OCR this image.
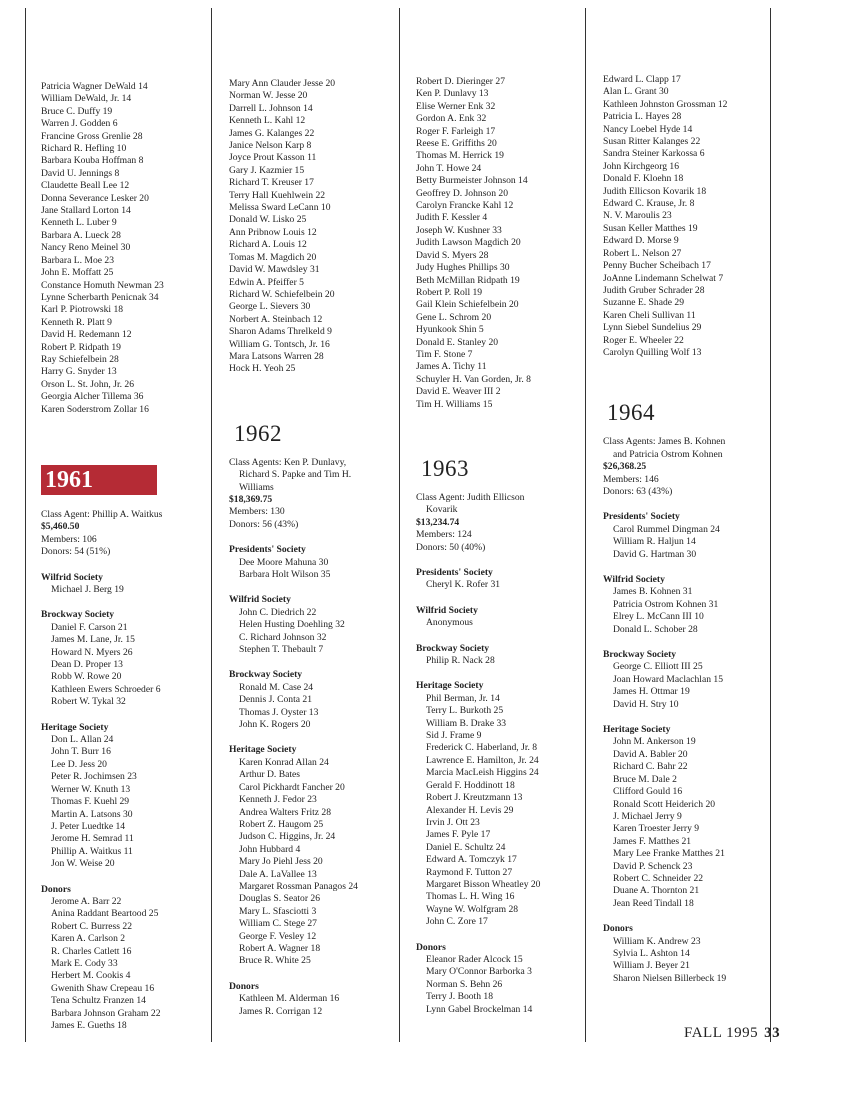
Patricia Wagner DeWald 14
William DeWald, Jr. 14
Bruce C. Duffy 19
Warren J. Godden 6
Francine Gross Grenlie 28
Richard R. Hefling 10
Barbara Kouba Hoffman 8
David U. Jennings 8
Claudette Beall Lee 12
Donna Severance Lesker 20
Jane Stallard Lorton 14
Kenneth L. Luber 9
Barbara A. Lueck 28
Nancy Reno Meinel 30
Barbara L. Moe 23
John E. Moffatt 25
Constance Homuth Newman 23
Lynne Scherbarth Penicnak 34
Karl P. Piotrowski 18
Kenneth R. Platt 9
David H. Redemann 12
Robert P. Ridpath 19
Ray Schiefelbein 28
Harry G. Snyder 13
Orson L. St. John, Jr. 26
Georgia Alcher Tillema 36
Karen Soderstrom Zollar 16
1961
Class Agent: Phillip A. Waitkus
$5,460.50
Members: 106
Donors: 54 (51%)
Wilfrid Society
Michael J. Berg 19
Brockway Society
Daniel F. Carson 21
James M. Lane, Jr. 15
Howard N. Myers 26
Dean D. Proper 13
Robb W. Rowe 20
Kathleen Ewers Schroeder 6
Robert W. Tykal 32
Heritage Society
Don L. Allan 24
John T. Burr 16
Lee D. Jess 20
Peter R. Jochimsen 23
Werner W. Knuth 13
Thomas F. Kuehl 29
Martin A. Latsons 30
J. Peter Luedtke 14
Jerome H. Semrad 11
Phillip A. Waitkus 11
Jon W. Weise 20
Donors
Jerome A. Barr 22
Anina Raddant Beartood 25
Robert C. Burress 22
Karen A. Carlson 2
R. Charles Catlett 16
Mark E. Cody 33
Herbert M. Cookis 4
Gwenith Shaw Crepeau 16
Tena Schultz Franzen 14
Barbara Johnson Graham 22
James E. Gueths 18
Mary Ann Clauder Jesse 20
Norman W. Jesse 20
Darrell L. Johnson 14
Kenneth L. Kahl 12
James G. Kalanges 22
Janice Nelson Karp 8
Joyce Prout Kasson 11
Gary J. Kazmier 15
Richard T. Kreuser 17
Terry Hall Kuehlwein 22
Melissa Sward LeCann 10
Donald W. Lisko 25
Ann Pribnow Louis 12
Richard A. Louis 12
Tomas M. Magdich 20
David W. Mawdsley 31
Edwin A. Pfeiffer 5
Richard W. Schiefelbein 20
George L. Sievers 30
Norbert A. Steinbach 12
Sharon Adams Threlkeld 9
William G. Tontsch, Jr. 16
Mara Latsons Warren 28
Hock H. Yeoh 25
1962
Class Agents: Ken P. Dunlavy,
Richard S. Papke and Tim H.
Williams
$18,369.75
Members: 130
Donors: 56 (43%)
Presidents' Society
Dee Moore Mahuna 30
Barbara Holt Wilson 35
Wilfrid Society
John C. Diedrich 22
Helen Husting Doehling 32
C. Richard Johnson 32
Stephen T. Thebault 7
Brockway Society
Ronald M. Case 24
Dennis J. Conta 21
Thomas J. Oyster 13
John K. Rogers 20
Heritage Society
Karen Konrad Allan 24
Arthur D. Bates
Carol Pickhardt Fancher 20
Kenneth J. Fedor 23
Andrea Walters Fritz 28
Robert Z. Haugom 25
Judson C. Higgins, Jr. 24
John Hubbard 4
Mary Jo Piehl Jess 20
Dale A. LaVallee 13
Margaret Rossman Panagos 24
Douglas S. Seator 26
Mary L. Sfasciotti 3
William C. Stege 27
George F. Vesley 12
Robert A. Wagner 18
Bruce R. White 25
Donors
Kathleen M. Alderman 16
James R. Corrigan 12
Robert D. Dieringer 27
Ken P. Dunlavy 13
Elise Werner Enk 32
Gordon A. Enk 32
Roger F. Farleigh 17
Reese E. Griffiths 20
Thomas M. Herrick 19
John T. Howe 24
Betty Burmeister Johnson 14
Geoffrey D. Johnson 20
Carolyn Francke Kahl 12
Judith F. Kessler 4
Joseph W. Kushner 33
Judith Lawson Magdich 20
David S. Myers 28
Judy Hughes Phillips 30
Beth McMillan Ridpath 19
Robert P. Roll 19
Gail Klein Schiefelbein 20
Gene L. Schrom 20
Hyunkook Shin 5
Donald E. Stanley 20
Tim F. Stone 7
James A. Tichy 11
Schuyler H. Van Gorden, Jr. 8
David E. Weaver III 2
Tim H. Williams 15
1963
Class Agent: Judith Ellicson
Kovarik
$13,234.74
Members: 124
Donors: 50 (40%)
Presidents' Society
Cheryl K. Rofer 31
Wilfrid Society
Anonymous
Brockway Society
Philip R. Nack 28
Heritage Society
Phil Berman, Jr. 14
Terry L. Burkoth 25
William B. Drake 33
Sid J. Frame 9
Frederick C. Haberland, Jr. 8
Lawrence E. Hamilton, Jr. 24
Marcia MacLeish Higgins 24
Gerald F. Hoddinott 18
Robert J. Kreutzmann 13
Alexander H. Levis 29
Irvin J. Ott 23
James F. Pyle 17
Daniel E. Schultz 24
Edward A. Tomczyk 17
Raymond F. Tutton 27
Margaret Bisson Wheatley 20
Thomas L. H. Wing 16
Wayne W. Wolfgram 28
John C. Zore 17
Donors
Eleanor Rader Alcock 15
Mary O'Connor Barborka 3
Norman S. Behn 26
Terry J. Booth 18
Lynn Gabel Brockelman 14
Edward L. Clapp 17
Alan L. Grant 30
Kathleen Johnston Grossman 12
Patricia L. Hayes 28
Nancy Loebel Hyde 14
Susan Ritter Kalanges 22
Sandra Steiner Karkossa 6
John Kirchgeorg 16
Donald F. Kloehn 18
Judith Ellicson Kovarik 18
Edward C. Krause, Jr. 8
N. V. Maroulis 23
Susan Keller Matthes 19
Edward D. Morse 9
Robert L. Nelson 27
Penny Bucher Scheibach 17
JoAnne Lindemann Schelwat 7
Judith Gruber Schrader 28
Suzanne E. Shade 29
Karen Cheli Sullivan 11
Lynn Siebel Sundelius 29
Roger E. Wheeler 22
Carolyn Quilling Wolf 13
1964
Class Agents: James B. Kohnen
and Patricia Ostrom Kohnen
$26,368.25
Members: 146
Donors: 63 (43%)
Presidents' Society
Carol Rummel Dingman 24
William R. Haljun 14
David G. Hartman 30
Wilfrid Society
James B. Kohnen 31
Patricia Ostrom Kohnen 31
Elrey L. McCann III 10
Donald L. Schober 28
Brockway Society
George C. Elliott III 25
Joan Howard Maclachlan 15
James H. Ottmar 19
David H. Stry 10
Heritage Society
John M. Ankerson 19
David A. Babler 20
Richard C. Bahr 22
Bruce M. Dale 2
Clifford Gould 16
Ronald Scott Heiderich 20
J. Michael Jerry 9
Karen Troester Jerry 9
James F. Matthes 21
Mary Lee Franke Matthes 21
David P. Schenck 23
Robert C. Schneider 22
Duane A. Thornton 21
Jean Reed Tindall 18
Donors
William K. Andrew 23
Sylvia L. Ashton 14
William J. Beyer 21
Sharon Nielsen Billerbeck 19
FALL 1995 33
